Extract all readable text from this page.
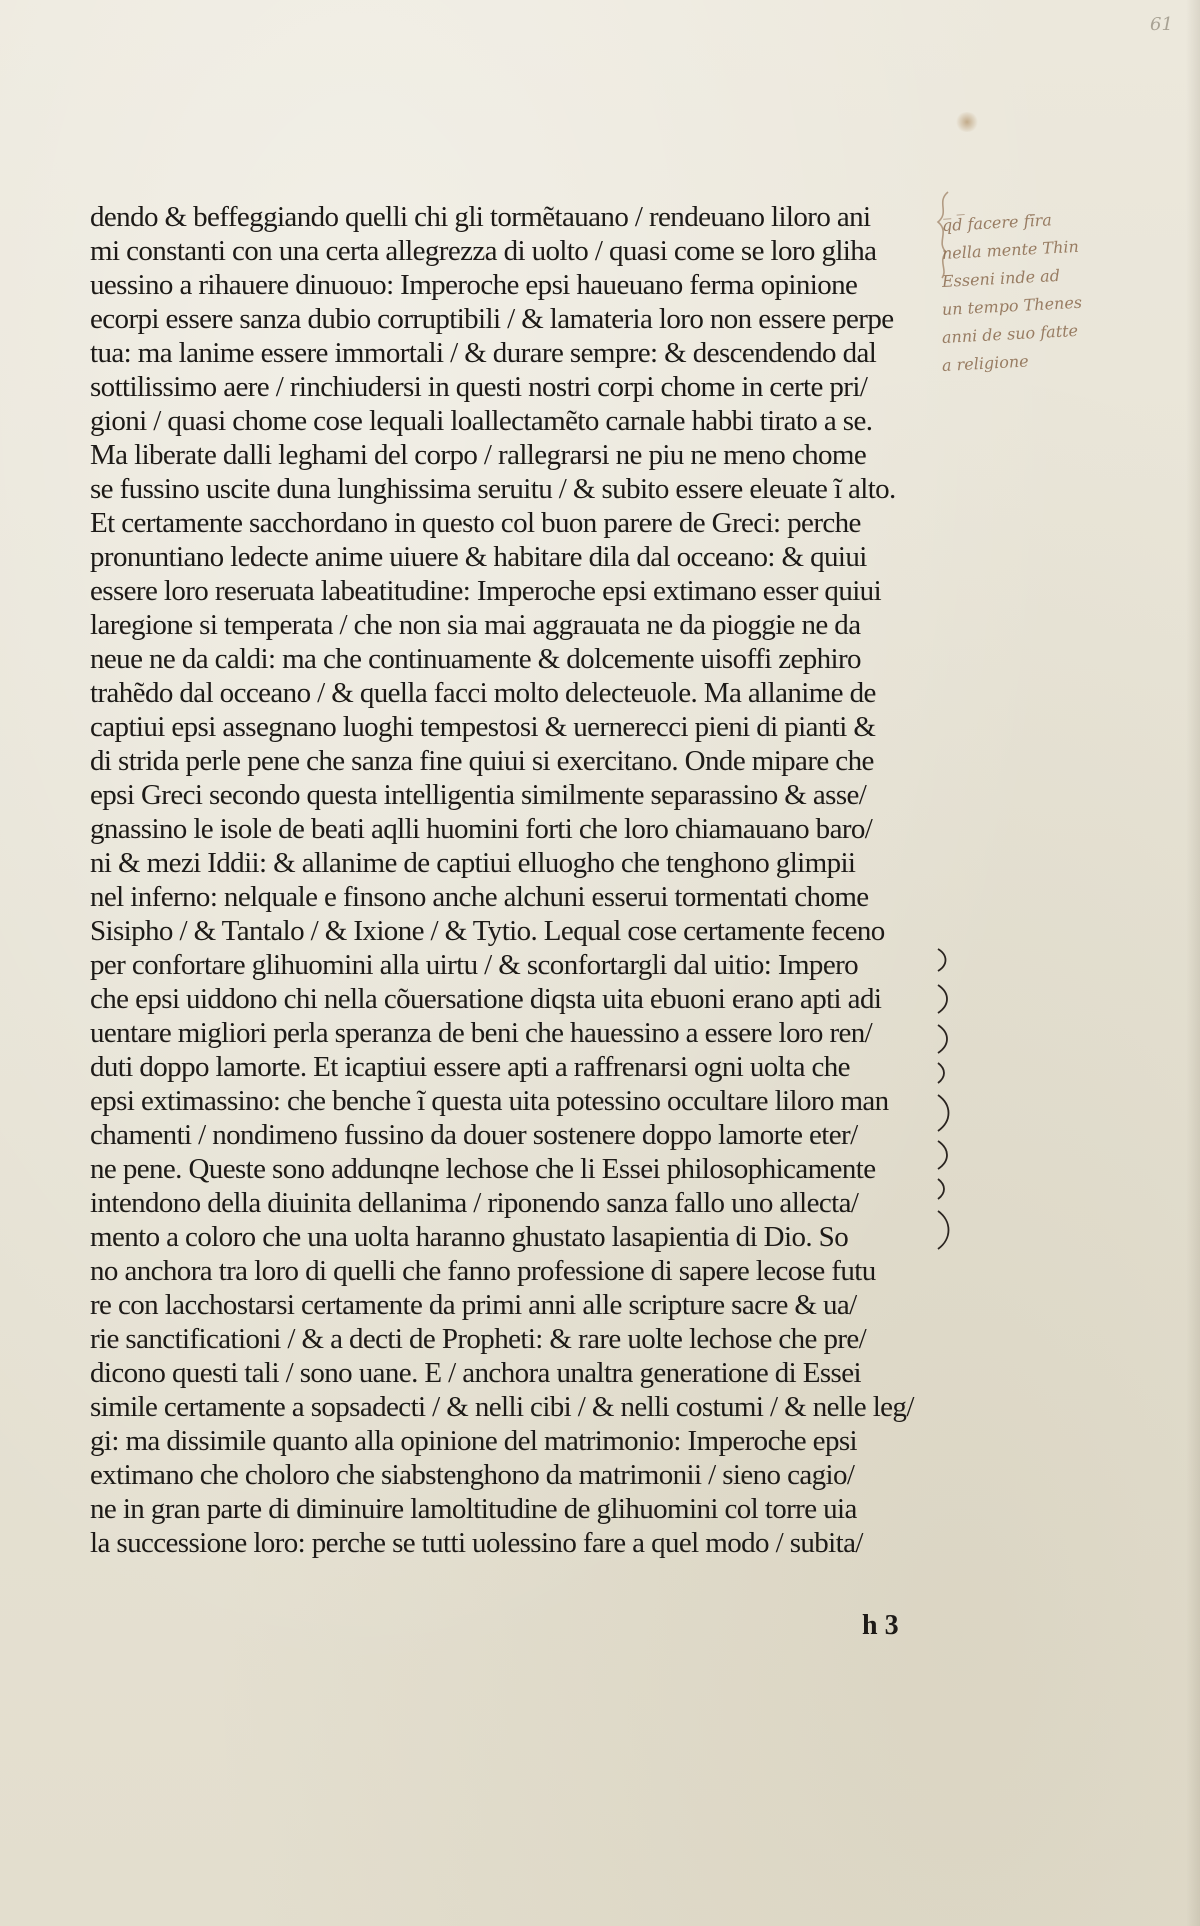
61
q̅d̅ facere fīra
nella mente Thin
Esseni inde ad
un tempo Thenes
anni de suo fatte
a religione
dendo & beffeggiando quelli chi gli tormẽtauano / rendeuano liloro ani
mi constanti con una certa allegrezza di uolto / quasi come se loro gliha
uessino a rihauere dinuouo: Imperoche epsi haueuano ferma opinione
ecorpi essere sanza dubio corruptibili / & lamateria loro non essere perpe
tua: ma lanime essere immortali / & durare sempre: & descendendo dal
sottilissimo aere / rinchiudersi in questi nostri corpi chome in certe pri/
gioni / quasi chome cose lequali loallectamẽto carnale habbi tirato a se.
Ma liberate dalli leghami del corpo / rallegrarsi ne piu ne meno chome
se fussino uscite duna lunghissima seruitu / & subito essere eleuate ĩ alto.
Et certamente sacchordano in questo col buon parere de Greci: perche
pronuntiano ledecte anime uiuere & habitare dila dal occeano: & quiui
essere loro reseruata labeatitudine: Imperoche epsi extimano esser quiui
laregione si temperata / che non sia mai aggrauata ne da pioggie ne da
neue ne da caldi: ma che continuamente & dolcemente uisoffi zephiro
trahẽdo dal occeano / & quella facci molto delecteuole. Ma allanime de
captiui epsi assegnano luoghi tempestosi & uernerecci pieni di pianti &
di strida perle pene che sanza fine quiui si exercitano. Onde mipare che
epsi Greci secondo questa intelligentia similmente separassino & asse/
gnassino le isole de beati aqlli huomini forti che loro chiamauano baro/
ni & mezi Iddii: & allanime de captiui elluogho che tenghono glimpii
nel inferno: nelquale e finsono anche alchuni esserui tormentati chome
Sisipho / & Tantalo / & Ixione / & Tytio. Lequal cose certamente feceno
per confortare glihuomini alla uirtu / & sconfortargli dal uitio: Impero
che epsi uiddono chi nella cõuersatione diqsta uita ebuoni erano apti adi
uentare migliori perla speranza de beni che hauessino a essere loro ren/
duti doppo lamorte. Et icaptiui essere apti a raffrenarsi ogni uolta che
epsi extimassino: che benche ĩ questa uita potessino occultare liloro man
chamenti / nondimeno fussino da douer sostenere doppo lamorte eter/
ne pene. Queste sono addunqne lechose che li Essei philosophicamente
intendono della diuinita dellanima / riponendo sanza fallo uno allecta/
mento a coloro che una uolta haranno ghustato lasapientia di Dio. So
no anchora tra loro di quelli che fanno professione di sapere lecose futu
re con lacchostarsi certamente da primi anni alle scripture sacre & ua/
rie sanctificationi / & a decti de Propheti: & rare uolte lechose che pre/
dicono questi tali / sono uane. E / anchora unaltra generatione di Essei
simile certamente a sopsadecti / & nelli cibi / & nelli costumi / & nelle leg/
gi: ma dissimile quanto alla opinione del matrimonio: Imperoche epsi
extimano che choloro che siabstenghono da matrimonii / sieno cagio/
ne in gran parte di diminuire lamoltitudine de glihuomini col torre uia
la successione loro: perche se tutti uolessino fare a quel modo / subita/
h 3
